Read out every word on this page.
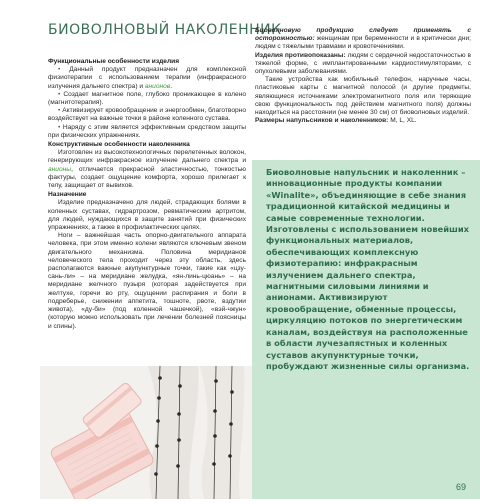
БИОВОЛНОВЫЙ НАКОЛЕННИК

Функциональные особенности изделия

• Данный продукт предназначен для комплексной физиотерапии с использованием терапии (инфракрасного излучения дальнего спектра) и анионов.
• Создает магнитное поле, глубоко проникающее в колено (магнитотерапия).
• Активизирует кровообращение и энергообмен, благотворно воздействует на важные точки в районе коленного сустава.
• Наряду с этим является эффективным средством защиты при физических упражнениях.

Конструктивные особенности наколенника

Изготовлен из высокотехнологичных перелетенных волокон, генерирующих инфракрасное излучение дальнего спектра и анионы, отличается прекрасной эластичностью, тонкостью фактуры, создает ощущение комфорта, хорошо прилегает к телу, защищает от вывихов.

Назначение

Изделие предназначено для людей, страдающих болями в коленных суставах, гидрартрозом, ревматическим артритом, для людей, нуждающихся в защите занятий при физических упражнениях, а также в профилактических целях.

Ноги – важнейшая часть опорно-двигательного аппарата человека, при этом именно колени являются ключевым звеном двигательного механизма. Половина меридианов человеческого тела проходит через эту область, здесь располагаются важные акупунктурные точки, такие как «цзу-сань-ли» – на меридиане желудка, «ян-линь-цюань» – на меридиане желчного пузыря (которая задействуется при желтухе, горечи во рту, ощущении распирания и боли в подреберье, снижении аппетита, тошноте, рвоте, вздутии живота), «ду-би» (под коленной чашечкой), «вэй-чжун» (которую можно использовать при лечении болезней поясницы и спины).

Биоволновую продукцию следует применять с осторожностью: женщинам при беременности и в критически дни; людям с тяжелыми травмами и кровотечениями.

Изделия противопоказаны: людям с сердечной недостаточностью в тяжелой форме, с имплантированными кардиостимуляторами, с опухолевыми заболеваниями.

Такие устройства как мобильный телефон, наручные часы, пластиковые карты с магнитной полосой (и другие предметы, являющиеся источниками электромагнитного поля или теряющие свою функциональность под действием магнитного поля) должны находиться на расстоянии (не менее 30 см) от биоволновых изделий.

Размеры напульсников и наколенников: M, L, XL.

Биоволновые напульсник и наколенник – инновационные продукты компании «Winalite», объединяющие в себе знания традиционной китайской медицины и самые современные технологии. Изготовлены с использованием новейших функциональных материалов, обеспечивающих комплексную физиотерапию: инфракрасным излучением дальнего спектра, магнитными силовыми линиями и анионами. Активизируют кровообращение, обменные процессы, циркуляцию потоков по энергетическим каналам, воздействуя на расположенные в области лучезапястных и коленных суставов акупунктурные точки, пробуждают жизненные силы организма.
69
